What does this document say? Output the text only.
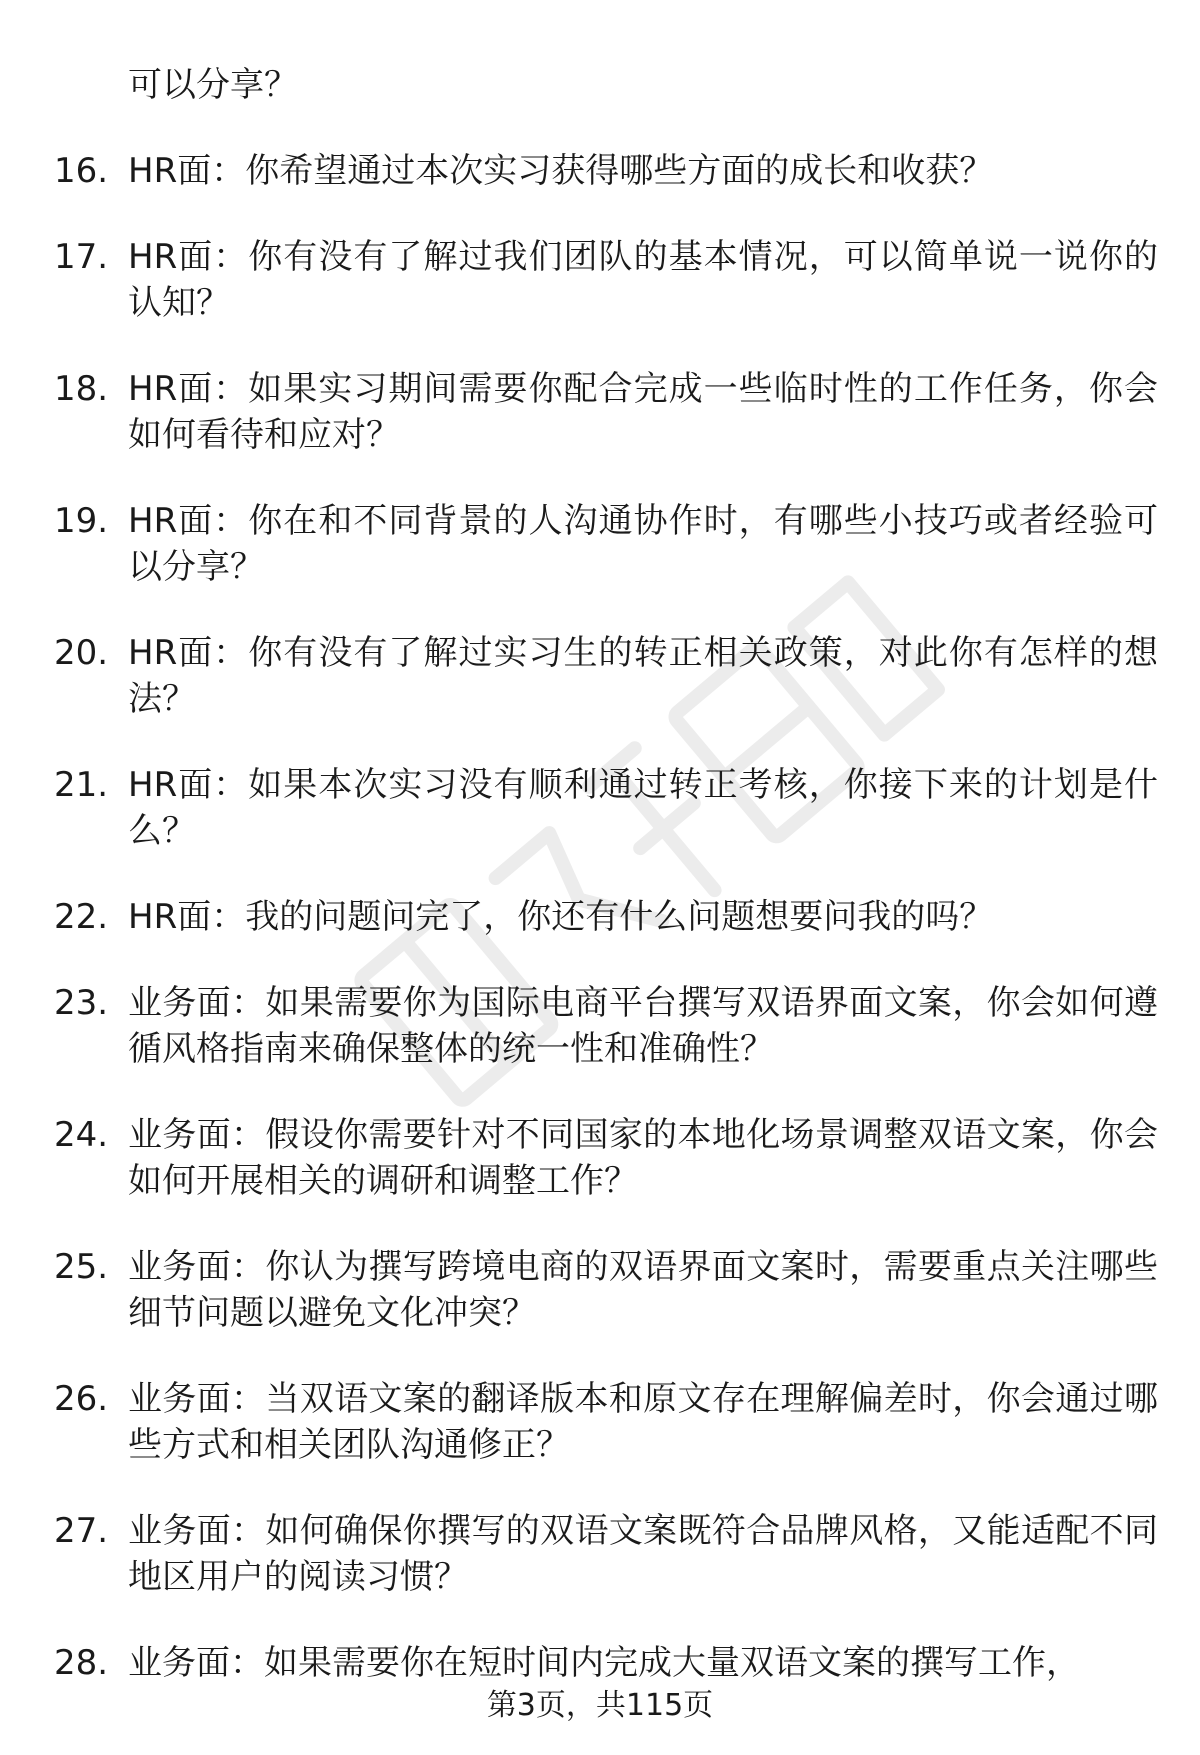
可以分享？
16. HR面：你希望通过本次实习获得哪些方面的成长和收获？
17. HR面：你有没有了解过我们团队的基本情况，可以简单说一说你的认知？
18. HR面：如果实习期间需要你配合完成一些临时性的工作任务，你会如何看待和应对？
19. HR面：你在和不同背景的人沟通协作时，有哪些小技巧或者经验可以分享？
20. HR面：你有没有了解过实习生的转正相关政策，对此你有怎样的想法？
21. HR面：如果本次实习没有顺利通过转正考核，你接下来的计划是什么？
22. HR面：我的问题问完了，你还有什么问题想要问我的吗？
23. 业务面：如果需要你为国际电商平台撰写双语界面文案，你会如何遵循风格指南来确保整体的统一性和准确性？
24. 业务面：假设你需要针对不同国家的本地化场景调整双语文案，你会如何开展相关的调研和调整工作？
25. 业务面：你认为撰写跨境电商的双语界面文案时，需要重点关注哪些细节问题以避免文化冲突？
26. 业务面：当双语文案的翻译版本和原文存在理解偏差时，你会通过哪些方式和相关团队沟通修正？
27. 业务面：如何确保你撰写的双语文案既符合品牌风格，又能适配不同地区用户的阅读习惯？
28. 业务面：如果需要你在短时间内完成大量双语文案的撰写工作，
第3页，共115页
